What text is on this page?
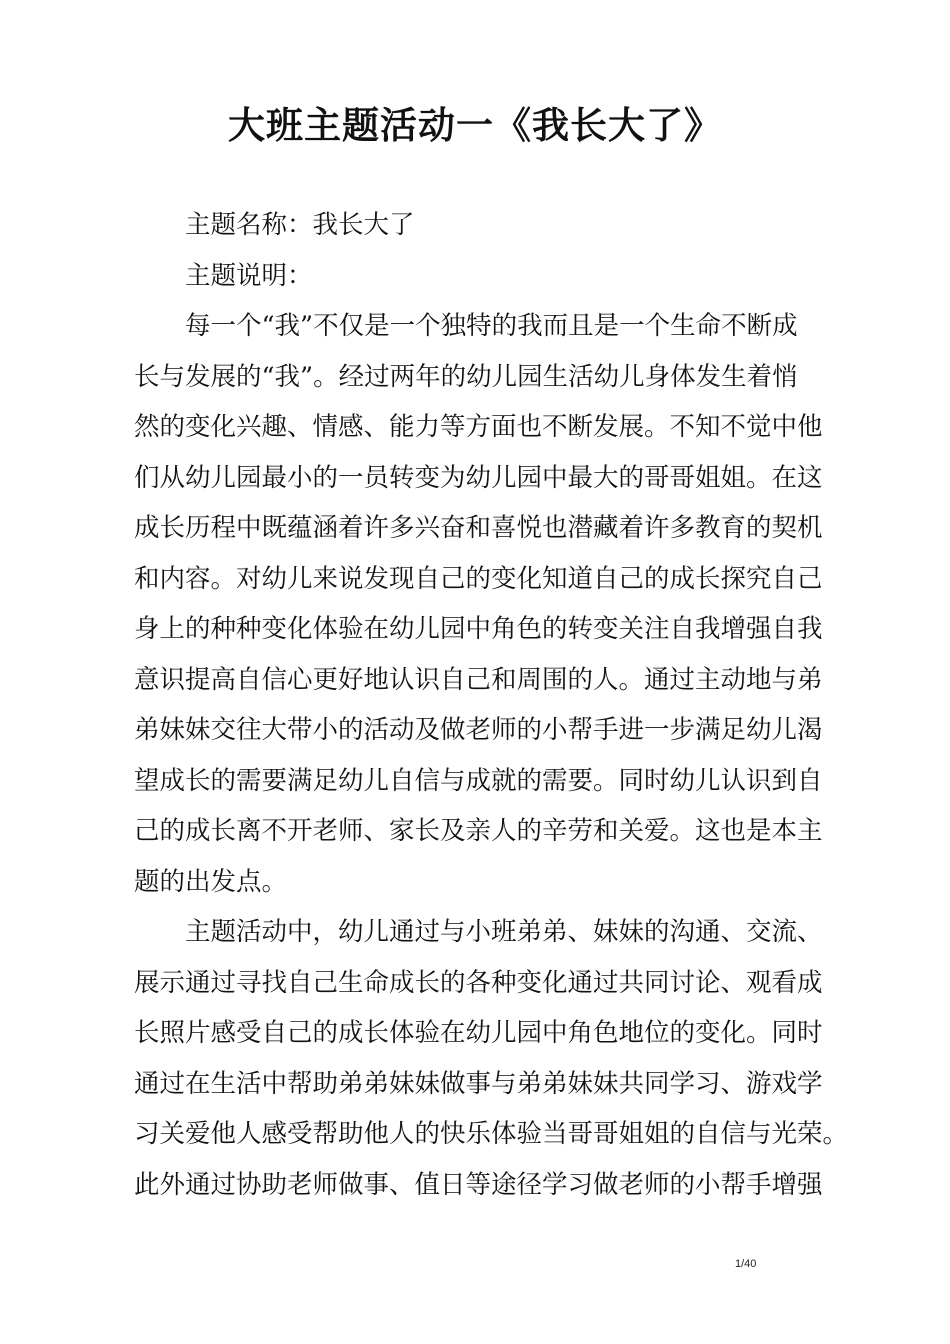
大班主题活动一《我长大了》
主题名称：我长大了
主题说明：
每一个“我”不仅是一个独特的我而且是一个生命不断成
长与发展的“我”。经过两年的幼儿园生活幼儿身体发生着悄
然的变化兴趣、情感、能力等方面也不断发展。不知不觉中他
们从幼儿园最小的一员转变为幼儿园中最大的哥哥姐姐。在这
成长历程中既蕴涵着许多兴奋和喜悦也潜藏着许多教育的契机
和内容。对幼儿来说发现自己的变化知道自己的成长探究自己
身上的种种变化体验在幼儿园中角色的转变关注自我增强自我
意识提高自信心更好地认识自己和周围的人。通过主动地与弟
弟妹妹交往大带小的活动及做老师的小帮手进一步满足幼儿渴
望成长的需要满足幼儿自信与成就的需要。同时幼儿认识到自
己的成长离不开老师、家长及亲人的辛劳和关爱。这也是本主
题的出发点。
主题活动中，幼儿通过与小班弟弟、妹妹的沟通、交流、
展示通过寻找自己生命成长的各种变化通过共同讨论、观看成
长照片感受自己的成长体验在幼儿园中角色地位的变化。同时
通过在生活中帮助弟弟妹妹做事与弟弟妹妹共同学习、游戏学
习关爱他人感受帮助他人的快乐体验当哥哥姐姐的自信与光荣。
此外通过协助老师做事、值日等途径学习做老师的小帮手增强
1/40
